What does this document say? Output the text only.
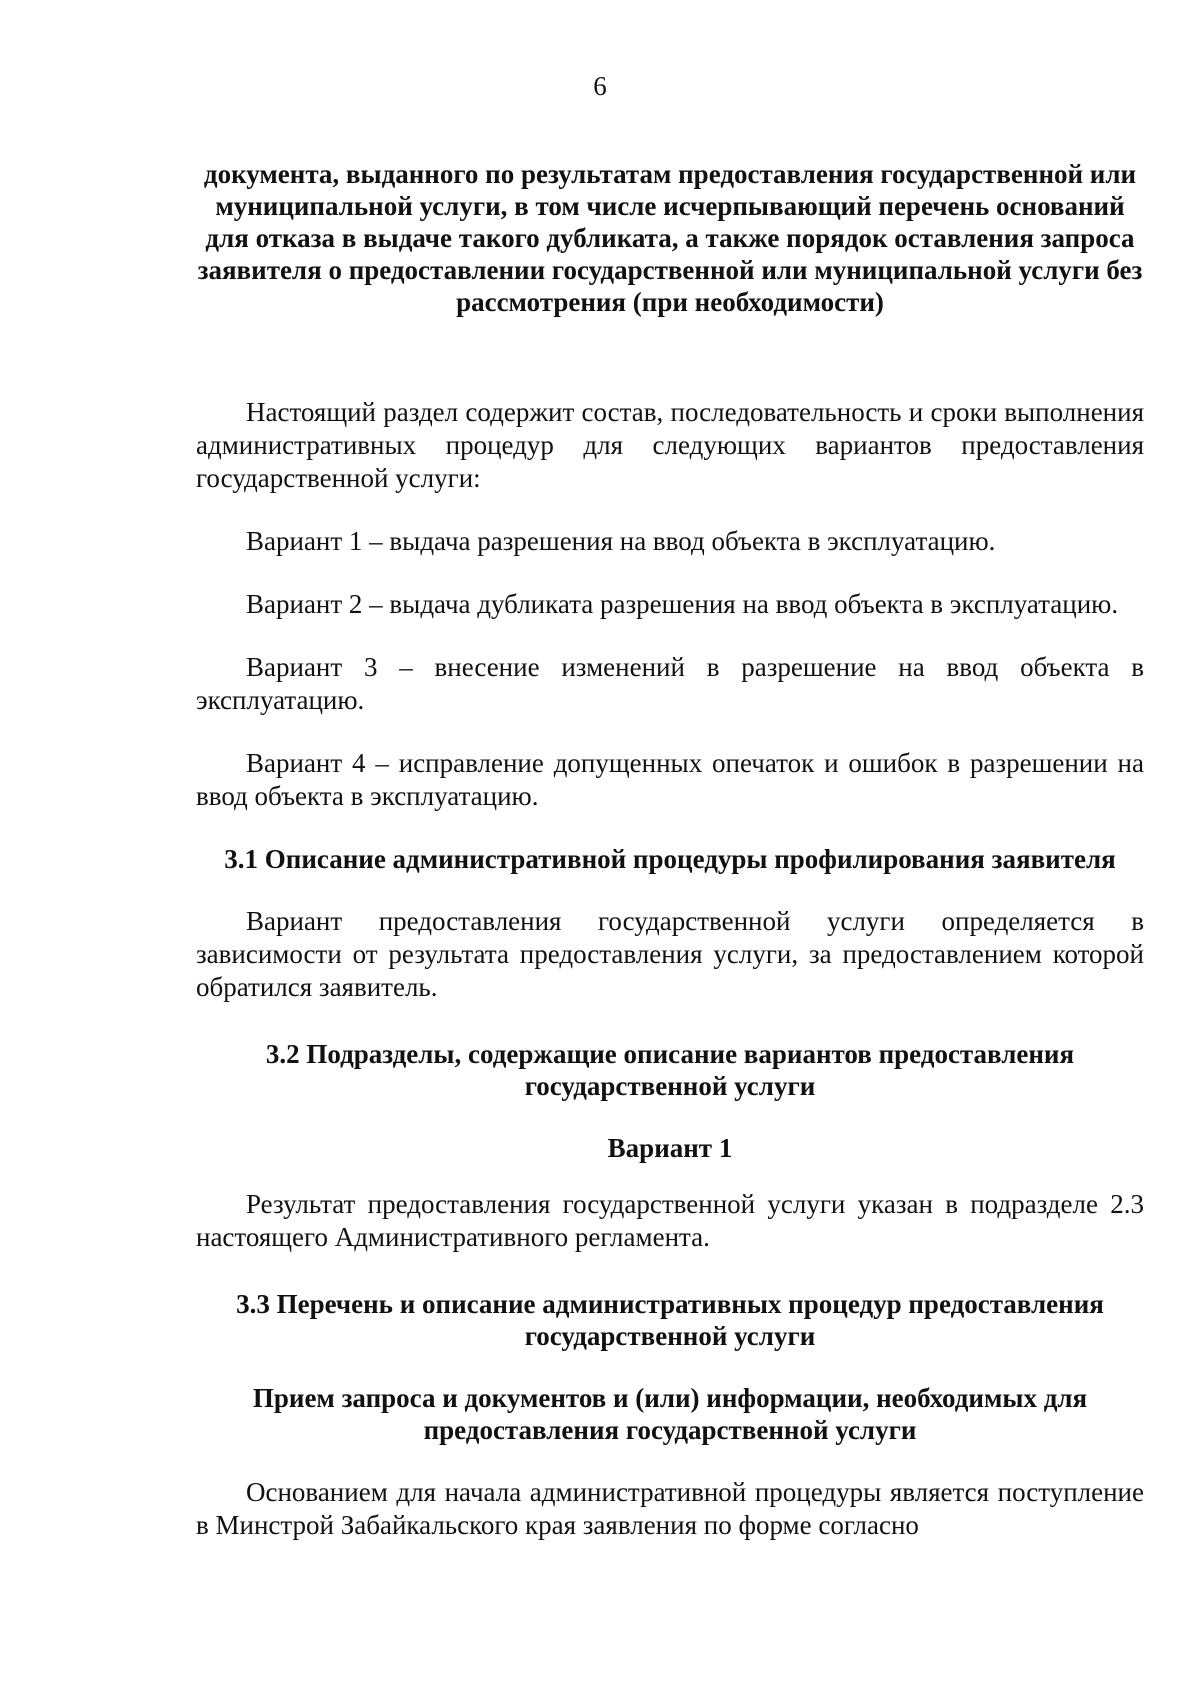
6

документа, выданного по результатам предоставления государственной или муниципальной услуги, в том числе исчерпывающий перечень оснований для отказа в выдаче такого дубликата, а также порядок оставления запроса заявителя о предоставлении государственной или муниципальной услуги без рассмотрения (при необходимости)

Настоящий раздел содержит состав, последовательность и сроки выполнения административных процедур для следующих вариантов предоставления государственной услуги:

Вариант 1 – выдача разрешения на ввод объекта в эксплуатацию.

Вариант 2 – выдача дубликата разрешения на ввод объекта в эксплуатацию.

Вариант 3 – внесение изменений в разрешение на ввод объекта в эксплуатацию.

Вариант 4 – исправление допущенных опечаток и ошибок в разрешении на ввод объекта в эксплуатацию.

3.1 Описание административной процедуры профилирования заявителя

Вариант предоставления государственной услуги определяется в зависимости от результата предоставления услуги, за предоставлением которой обратился заявитель.

3.2 Подразделы, содержащие описание вариантов предоставления государственной услуги

Вариант 1

Результат предоставления государственной услуги указан в подразделе 2.3 настоящего Административного регламента.

3.3 Перечень и описание административных процедур предоставления государственной услуги

Прием запроса и документов и (или) информации, необходимых для предоставления государственной услуги

Основанием для начала административной процедуры является поступление в Минстрой Забайкальского края заявления по форме согласно
